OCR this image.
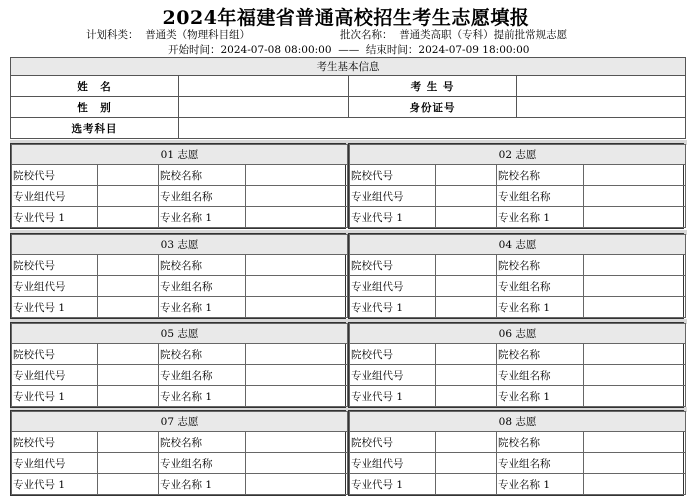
2024年福建省普通高校招生考生志愿填报
计划科类： 普通类（物理科目组）	批次名称： 普通类高职（专科）提前批常规志愿
开始时间：2024-07-08 08:00:00 —— 结束时间：2024-07-09 18:00:00
考生基本信息			
姓　名		考 生 号	
性　别		身份证号	
选考科目			
01 志愿			
院校代号		院校名称	
专业组代号		专业组名称	
专业代号 1		专业名称 1	
02 志愿			
院校代号		院校名称	
专业组代号		专业组名称	
专业代号 1		专业名称 1	
03 志愿			
院校代号		院校名称	
专业组代号		专业组名称	
专业代号 1		专业名称 1	
04 志愿			
院校代号		院校名称	
专业组代号		专业组名称	
专业代号 1		专业名称 1	
05 志愿			
院校代号		院校名称	
专业组代号		专业组名称	
专业代号 1		专业名称 1	
06 志愿			
院校代号		院校名称	
专业组代号		专业组名称	
专业代号 1		专业名称 1	
07 志愿			
院校代号		院校名称	
专业组代号		专业组名称	
专业代号 1		专业名称 1	
08 志愿			
院校代号		院校名称	
专业组代号		专业组名称	
专业代号 1		专业名称 1	
